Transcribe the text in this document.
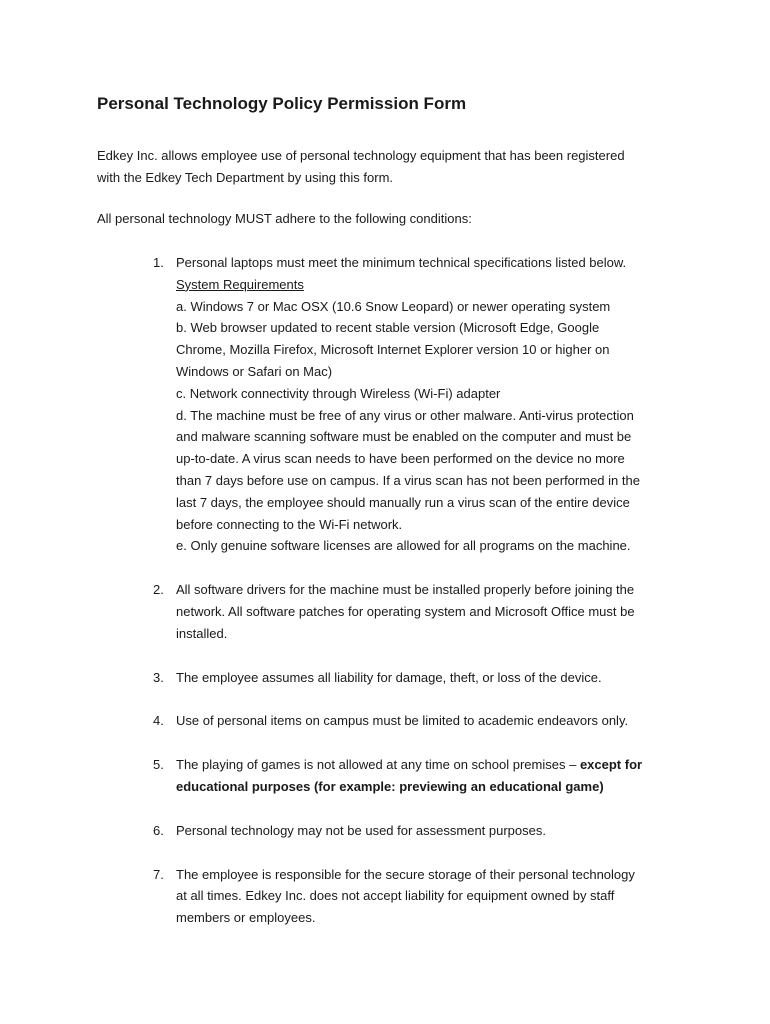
Personal Technology Policy Permission Form
Edkey Inc. allows employee use of personal technology equipment that has been registered
with the Edkey Tech Department by using this form.
All personal technology MUST adhere to the following conditions:
1. Personal laptops must meet the minimum technical specifications listed below.
System Requirements
a. Windows 7 or Mac OSX (10.6 Snow Leopard) or newer operating system
b. Web browser updated to recent stable version (Microsoft Edge, Google
Chrome, Mozilla Firefox, Microsoft Internet Explorer version 10 or higher on
Windows or Safari on Mac)
c. Network connectivity through Wireless (Wi-Fi) adapter
d. The machine must be free of any virus or other malware. Anti-virus protection
and malware scanning software must be enabled on the computer and must be
up-to-date. A virus scan needs to have been performed on the device no more
than 7 days before use on campus. If a virus scan has not been performed in the
last 7 days, the employee should manually run a virus scan of the entire device
before connecting to the Wi-Fi network.
e. Only genuine software licenses are allowed for all programs on the machine.
2. All software drivers for the machine must be installed properly before joining the
network. All software patches for operating system and Microsoft Office must be
installed.
3. The employee assumes all liability for damage, theft, or loss of the device.
4. Use of personal items on campus must be limited to academic endeavors only.
5. The playing of games is not allowed at any time on school premises – except for
educational purposes (for example: previewing an educational game)
6. Personal technology may not be used for assessment purposes.
7. The employee is responsible for the secure storage of their personal technology
at all times. Edkey Inc. does not accept liability for equipment owned by staff
members or employees.
